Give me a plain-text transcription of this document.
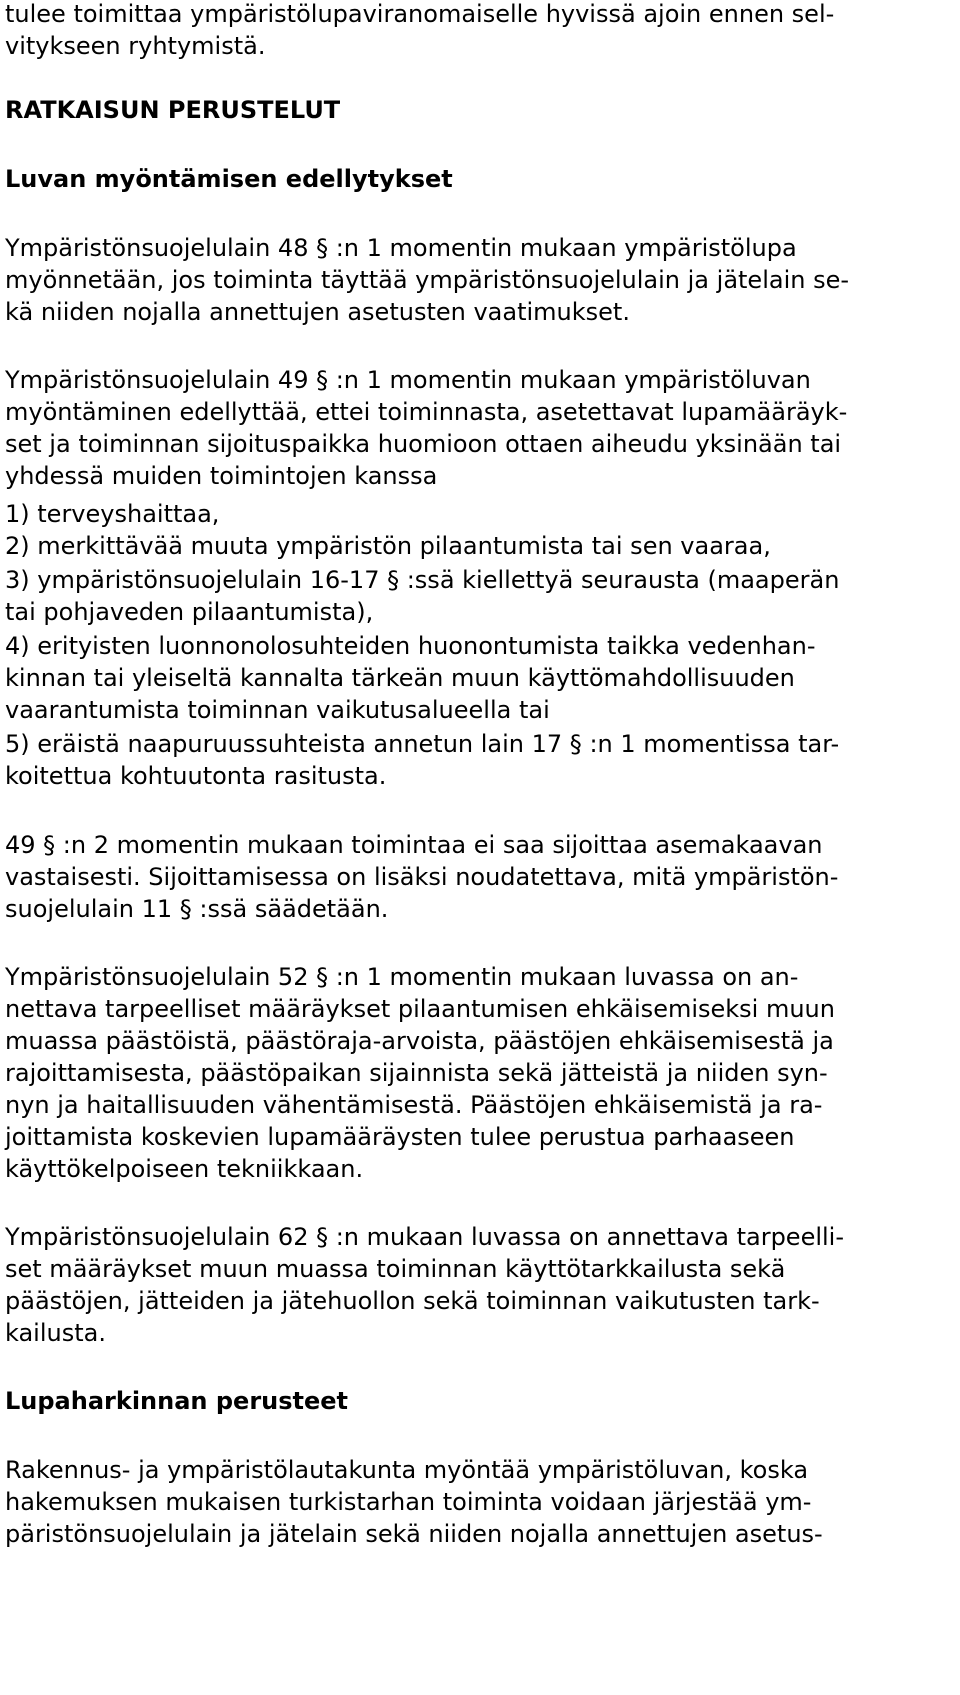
tulee toimittaa ympäristölupaviranomaiselle hyvissä ajoin ennen sel-

vitykseen ryhtymistä.

RATKAISUN PERUSTELUT

Luvan myöntämisen edellytykset

Ympäristönsuojelulain 48 § :n 1 momentin mukaan ympäristölupa

myönnetään, jos toiminta täyttää ympäristönsuojelulain ja jätelain se-

kä niiden nojalla annettujen asetusten vaatimukset.

Ympäristönsuojelulain 49 § :n 1 momentin mukaan ympäristöluvan

myöntäminen edellyttää, ettei toiminnasta, asetettavat lupamääräyk-

set ja toiminnan sijoituspaikka huomioon ottaen aiheudu yksinään tai

yhdessä muiden toimintojen kanssa

1) terveyshaittaa,

2) merkittävää muuta ympäristön pilaantumista tai sen vaaraa,

3) ympäristönsuojelulain 16-17 § :ssä kiellettyä seurausta (maaperän

tai pohjaveden pilaantumista),

4) erityisten luonnonolosuhteiden huonontumista taikka vedenhan-

kinnan tai yleiseltä kannalta tärkeän muun käyttömahdollisuuden

vaarantumista toiminnan vaikutusalueella tai

5) eräistä naapuruussuhteista annetun lain 17 § :n 1 momentissa tar-

koitettua kohtuutonta rasitusta.

49 § :n 2 momentin mukaan toimintaa ei saa sijoittaa asemakaavan

vastaisesti. Sijoittamisessa on lisäksi noudatettava, mitä ympäristön-

suojelulain 11 § :ssä säädetään.

Ympäristönsuojelulain 52 § :n 1 momentin mukaan luvassa on an-

nettava tarpeelliset määräykset pilaantumisen ehkäisemiseksi muun

muassa päästöistä, päästöraja-arvoista, päästöjen ehkäisemisestä ja

rajoittamisesta, päästöpaikan sijainnista sekä jätteistä ja niiden syn-

nyn ja haitallisuuden vähentämisestä. Päästöjen ehkäisemistä ja ra-

joittamista koskevien lupamääräysten tulee perustua parhaaseen

käyttökelpoiseen tekniikkaan.

Ympäristönsuojelulain 62 § :n mukaan luvassa on annettava tarpeelli-

set määräykset muun muassa toiminnan käyttötarkkailusta sekä

päästöjen, jätteiden ja jätehuollon sekä toiminnan vaikutusten tark-

kailusta.

Lupaharkinnan perusteet

Rakennus- ja ympäristölautakunta myöntää ympäristöluvan, koska

hakemuksen mukaisen turkistarhan toiminta voidaan järjestää ym-

päristönsuojelulain ja jätelain sekä niiden nojalla annettujen asetus-
